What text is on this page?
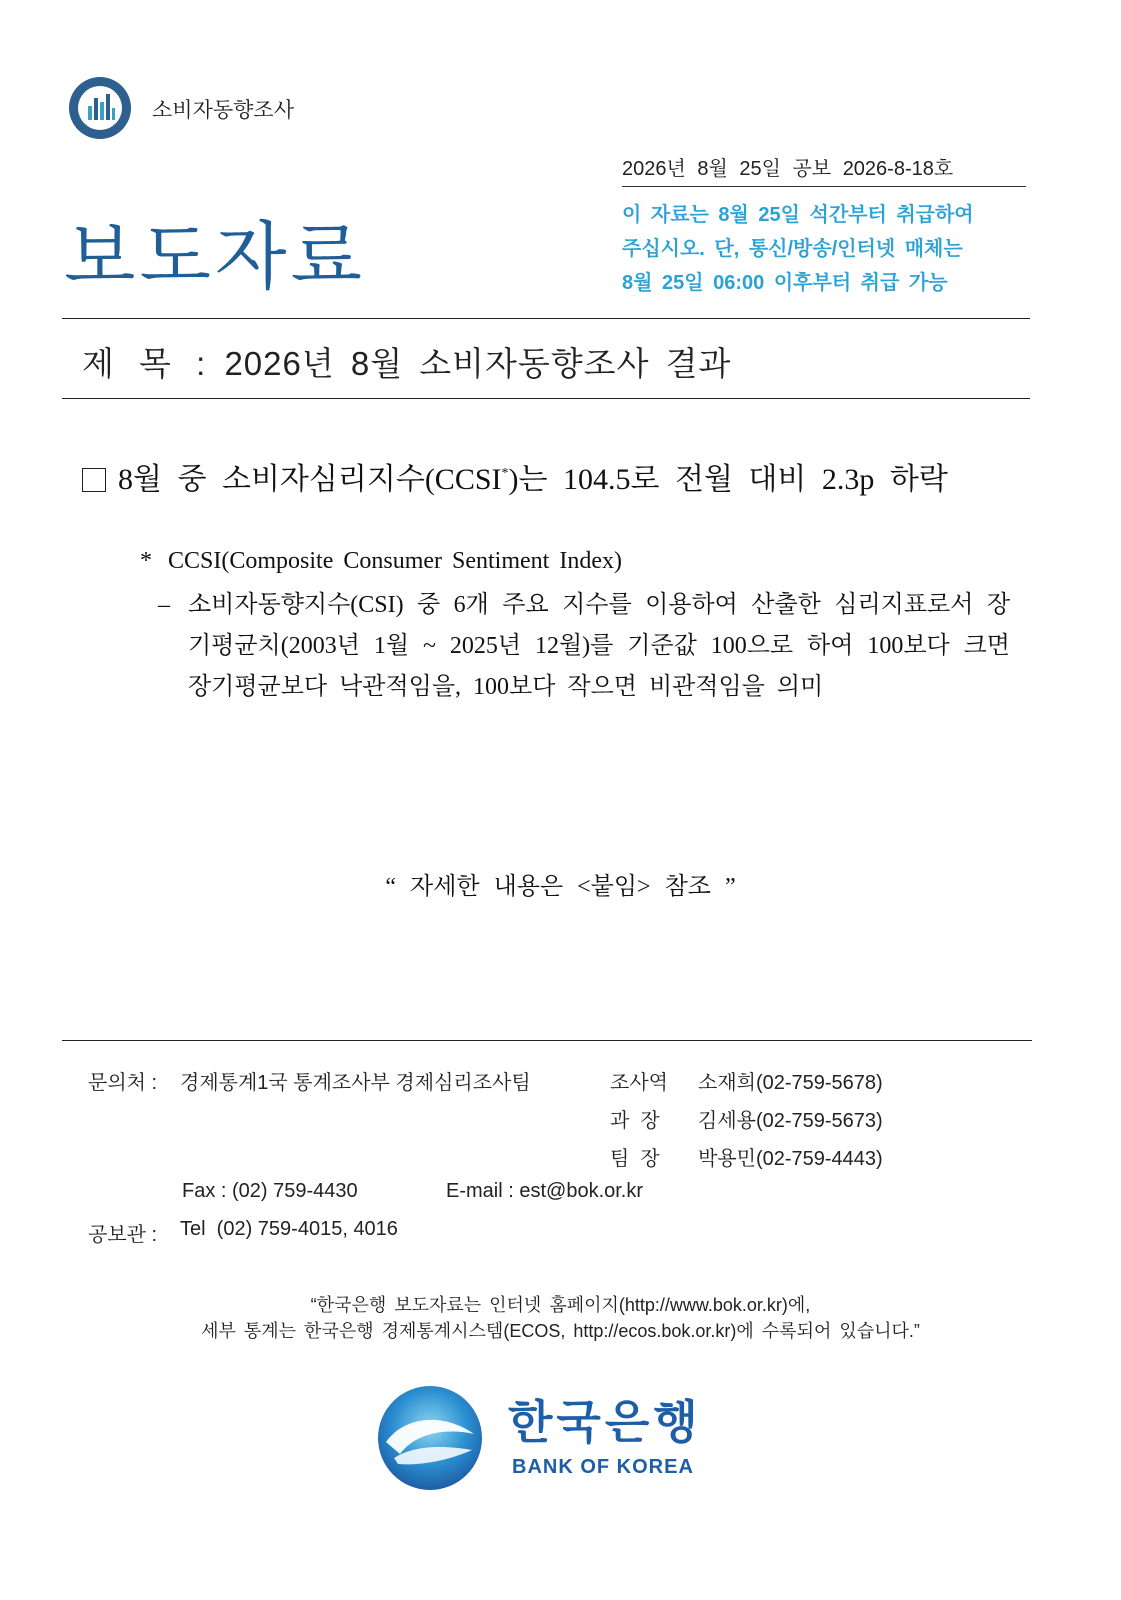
소비자동향조사
2026년 8월 25일 공보 2026-8-18호
보도자료	이 자료는 8월 25일 석간부터 취급하여
주십시오. 단, 통신/방송/인터넷 매체는
8월 25일 06:00 이후부터 취급 가능
제 목 : 2026년 8월 소비자동향조사 결과
8월 중 소비자심리지수(CCSI*)는 104.5로 전월 대비 2.3p 하락
* CCSI(Composite Consumer Sentiment Index)
– 소비자동향지수(CSI) 중 6개 주요 지수를 이용하여 산출한 심리지표로서 장기평균치(2003년 1월 ~ 2025년 12월)를 기준값 100으로 하여 100보다 크면 장기평균보다 낙관적임을, 100보다 작으면 비관적임을 의미
“ 자세한 내용은 <붙임> 참조 ”
문의처 : 경제통계1국 통계조사부 경제심리조사팀	조사역 소재희(02-759-5678)
과  장 김세용(02-759-5673)
팀  장 박용민(02-759-4443)
Fax : (02) 759-4430	E-mail : est@bok.or.kr
공보관 : Tel  (02) 759-4015, 4016
“한국은행 보도자료는 인터넷 홈페이지(http://www.bok.or.kr)에,
세부 통계는 한국은행 경제통계시스템(ECOS, http://ecos.bok.or.kr)에 수록되어 있습니다.”
한국은행
BANK OF KOREA
